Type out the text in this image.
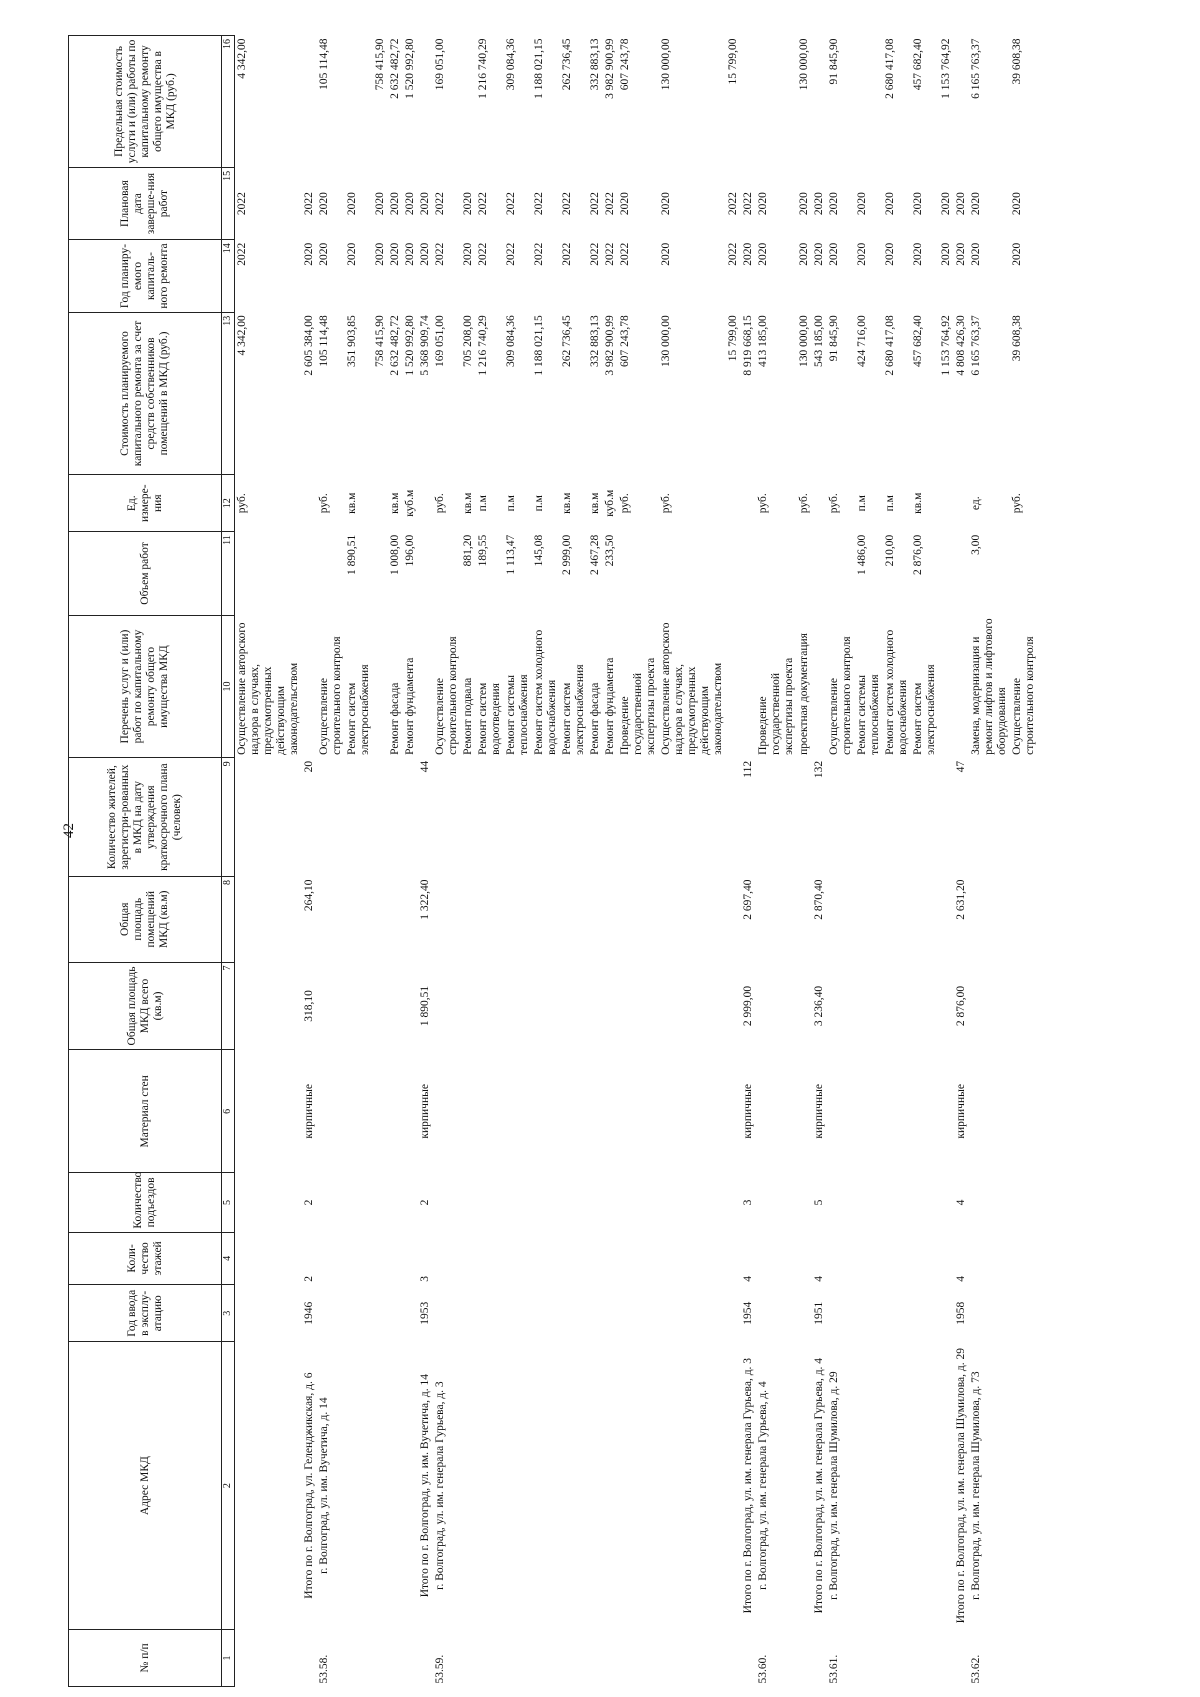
42
№ п/п	Адрес МКД	Год ввода в эксплу-атацию	Коли-чество этажей	Количество подъездов	Материал стен	Общая площадь МКД всего (кв.м)	Общая площадь помещений МКД (кв.м)	Количество жителей, зарегистри-рованных в МКД на дату утверждения краткосрочного плана (человек)	Перечень услуг и (или) работ по капитальному ремонту общего имущества МКД	Объем работ	Ед. измере-ния	Стоимость планируемого капитального ремонта за счет средств собственников помещений в МКД (руб.)	Год планиру-емого капиталь-ного ремонта	Плановая дата заверше-ния работ	Предельная стоимость услуги и (или) работы по капитальному ремонту общего имущества в МКД (руб.)
1	2	3	4	5	6	7	8	9	10	11	12	13	14	15	16
									Осуществление авторского надзора в случаях, предусмотренных действующим законодательством		руб.	4 342,00	2022	2022	4 342,00
	Итого по г. Волгоград, ул. Геленджикская, д. 6	1946	2	2	кирпичные	318,10	264,10	20				2 605 384,00	2020	2022	
53.58.	г. Волгоград, ул. им. Вучетича, д. 14								Осуществление строительного контроля		руб.	105 114,48	2020	2020	105 114,48
									Ремонт систем электроснабжения	1 890,51	кв.м	351 903,85	2020	2020	
												758 415,90	2020	2020	758 415,90
									Ремонт фасада	1 008,00	кв.м	2 632 482,72	2020	2020	2 632 482,72
									Ремонт фундамента	196,00	куб.м	1 520 992,80	2020	2020	1 520 992,80
	Итого по г. Волгоград, ул. им. Вучетича, д. 14	1953	3	2	кирпичные	1 890,51	1 322,40	44				5 368 909,74	2020	2020	
53.59.	г. Волгоград, ул. им. генерала Гурьева, д. 3								Осуществление строительного контроля		руб.	169 051,00	2022	2022	169 051,00
									Ремонт подвала	881,20	кв.м	705 208,00	2020	2020	
									Ремонт систем водоотведения	189,55	п.м	1 216 740,29	2022	2022	1 216 740,29
									Ремонт системы теплоснабжения	1 113,47	п.м	309 084,36	2022	2022	309 084,36
									Ремонт систем холодного водоснабжения	145,08	п.м	1 188 021,15	2022	2022	1 188 021,15
									Ремонт систем электроснабжения	2 999,00	кв.м	262 736,45	2022	2022	262 736,45
									Ремонт фасада	2 467,28	кв.м	332 883,13	2022	2022	332 883,13
									Ремонт фундамента	233,50	куб.м	3 982 900,99	2022	2022	3 982 900,99
									Проведение государственной экспертизы проекта		руб.	607 243,78	2022	2020	607 243,78
									Осуществление авторского надзора в случаях, предусмотренных действующим законодательством		руб.	130 000,00	2020	2020	130 000,00
												15 799,00	2022	2022	15 799,00
	Итого по г. Волгоград, ул. им. генерала Гурьева, д. 3	1954	4	3	кирпичные	2 999,00	2 697,40	112				8 919 668,15	2020	2022	
53.60.	г. Волгоград, ул. им. генерала Гурьева, д. 4								Проведение государственной экспертизы проекта		руб.	413 185,00	2020	2020	
									проектная документация		руб.	130 000,00	2020	2020	130 000,00
	Итого по г. Волгоград, ул. им. генерала Гурьева, д. 4	1951	4	5	кирпичные	3 236,40	2 870,40	132				543 185,00	2020	2020	
53.61.	г. Волгоград, ул. им. генерала Шумилова, д. 29								Осуществление строительного контроля		руб.	91 845,90	2020	2020	91 845,90
									Ремонт системы теплоснабжения	1 486,00	п.м	424 716,00	2020	2020	
									Ремонт систем холодного водоснабжения	210,00	п.м	2 680 417,08	2020	2020	2 680 417,08
									Ремонт систем электроснабжения	2 876,00	кв.м	457 682,40	2020	2020	457 682,40
												1 153 764,92	2020	2020	1 153 764,92
	Итого по г. Волгоград, ул. им. генерала Шумилова, д. 29	1958	4	4	кирпичные	2 876,00	2 631,20	47				4 808 426,30	2020	2020	
53.62.	г. Волгоград, ул. им. генерала Шумилова, д. 73								Замена, модернизация и ремонт лифтов и лифтового оборудования	3,00	ед.	6 165 763,37	2020	2020	6 165 763,37
									Осуществление строительного контроля		руб.	39 608,38	2020	2020	39 608,38
